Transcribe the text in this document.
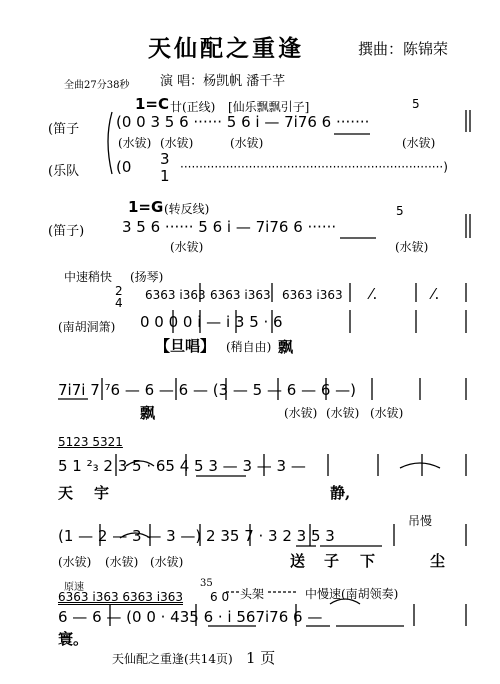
天仙配之重逢	撰曲：陈锦荣
全曲27分38秒 演 唱：杨凯帆 潘千芊
1=C 廿(正线) [仙乐飘飘引子]
(笛子 (0 0 3 5 6 ······ 5 6 i — 7i76 6 ·······
5
(水钹) (水钹)	(水钹)	(水钹)
(乐队 (0 3
1 ·····································································)
1=G (转反线)
(笛子)	3 5 6 ······ 5 6 i — 7i76 6 ······
5
(水钹)	(水钹)
中速稍快 (扬琴)
2
4
6363 i363 6363 i363 6363 i363 ⁄.	⁄.
(南胡洞箫) 0 0 0 0 i — i 3 5 · 6
【旦唱】 (稍自由) 飘
7i7i 7 ⁷6 — 6 — 6 — (3 — 5 — 6 — 6 —)
飘	(水钹) (水钹) (水钹)
5123 5321
5 1 ²₃ 2 3 5 · 65 4 5 3 — 3 — 3 —
天 宇	静,
吊慢
(1 — 2 — 3 — 3 —) 2 35 7 · 3 2 3 5 3
(水钹) (水钹) (水钹)	送 子 下	尘
原速	中慢速(南胡领奏)
6363 i363 6363 i363
35
6 0 头架
6 — 6 — (0 0 · 435 6 · i 567i76 6 —
寰。
天仙配之重逢(共14页) 1 页
